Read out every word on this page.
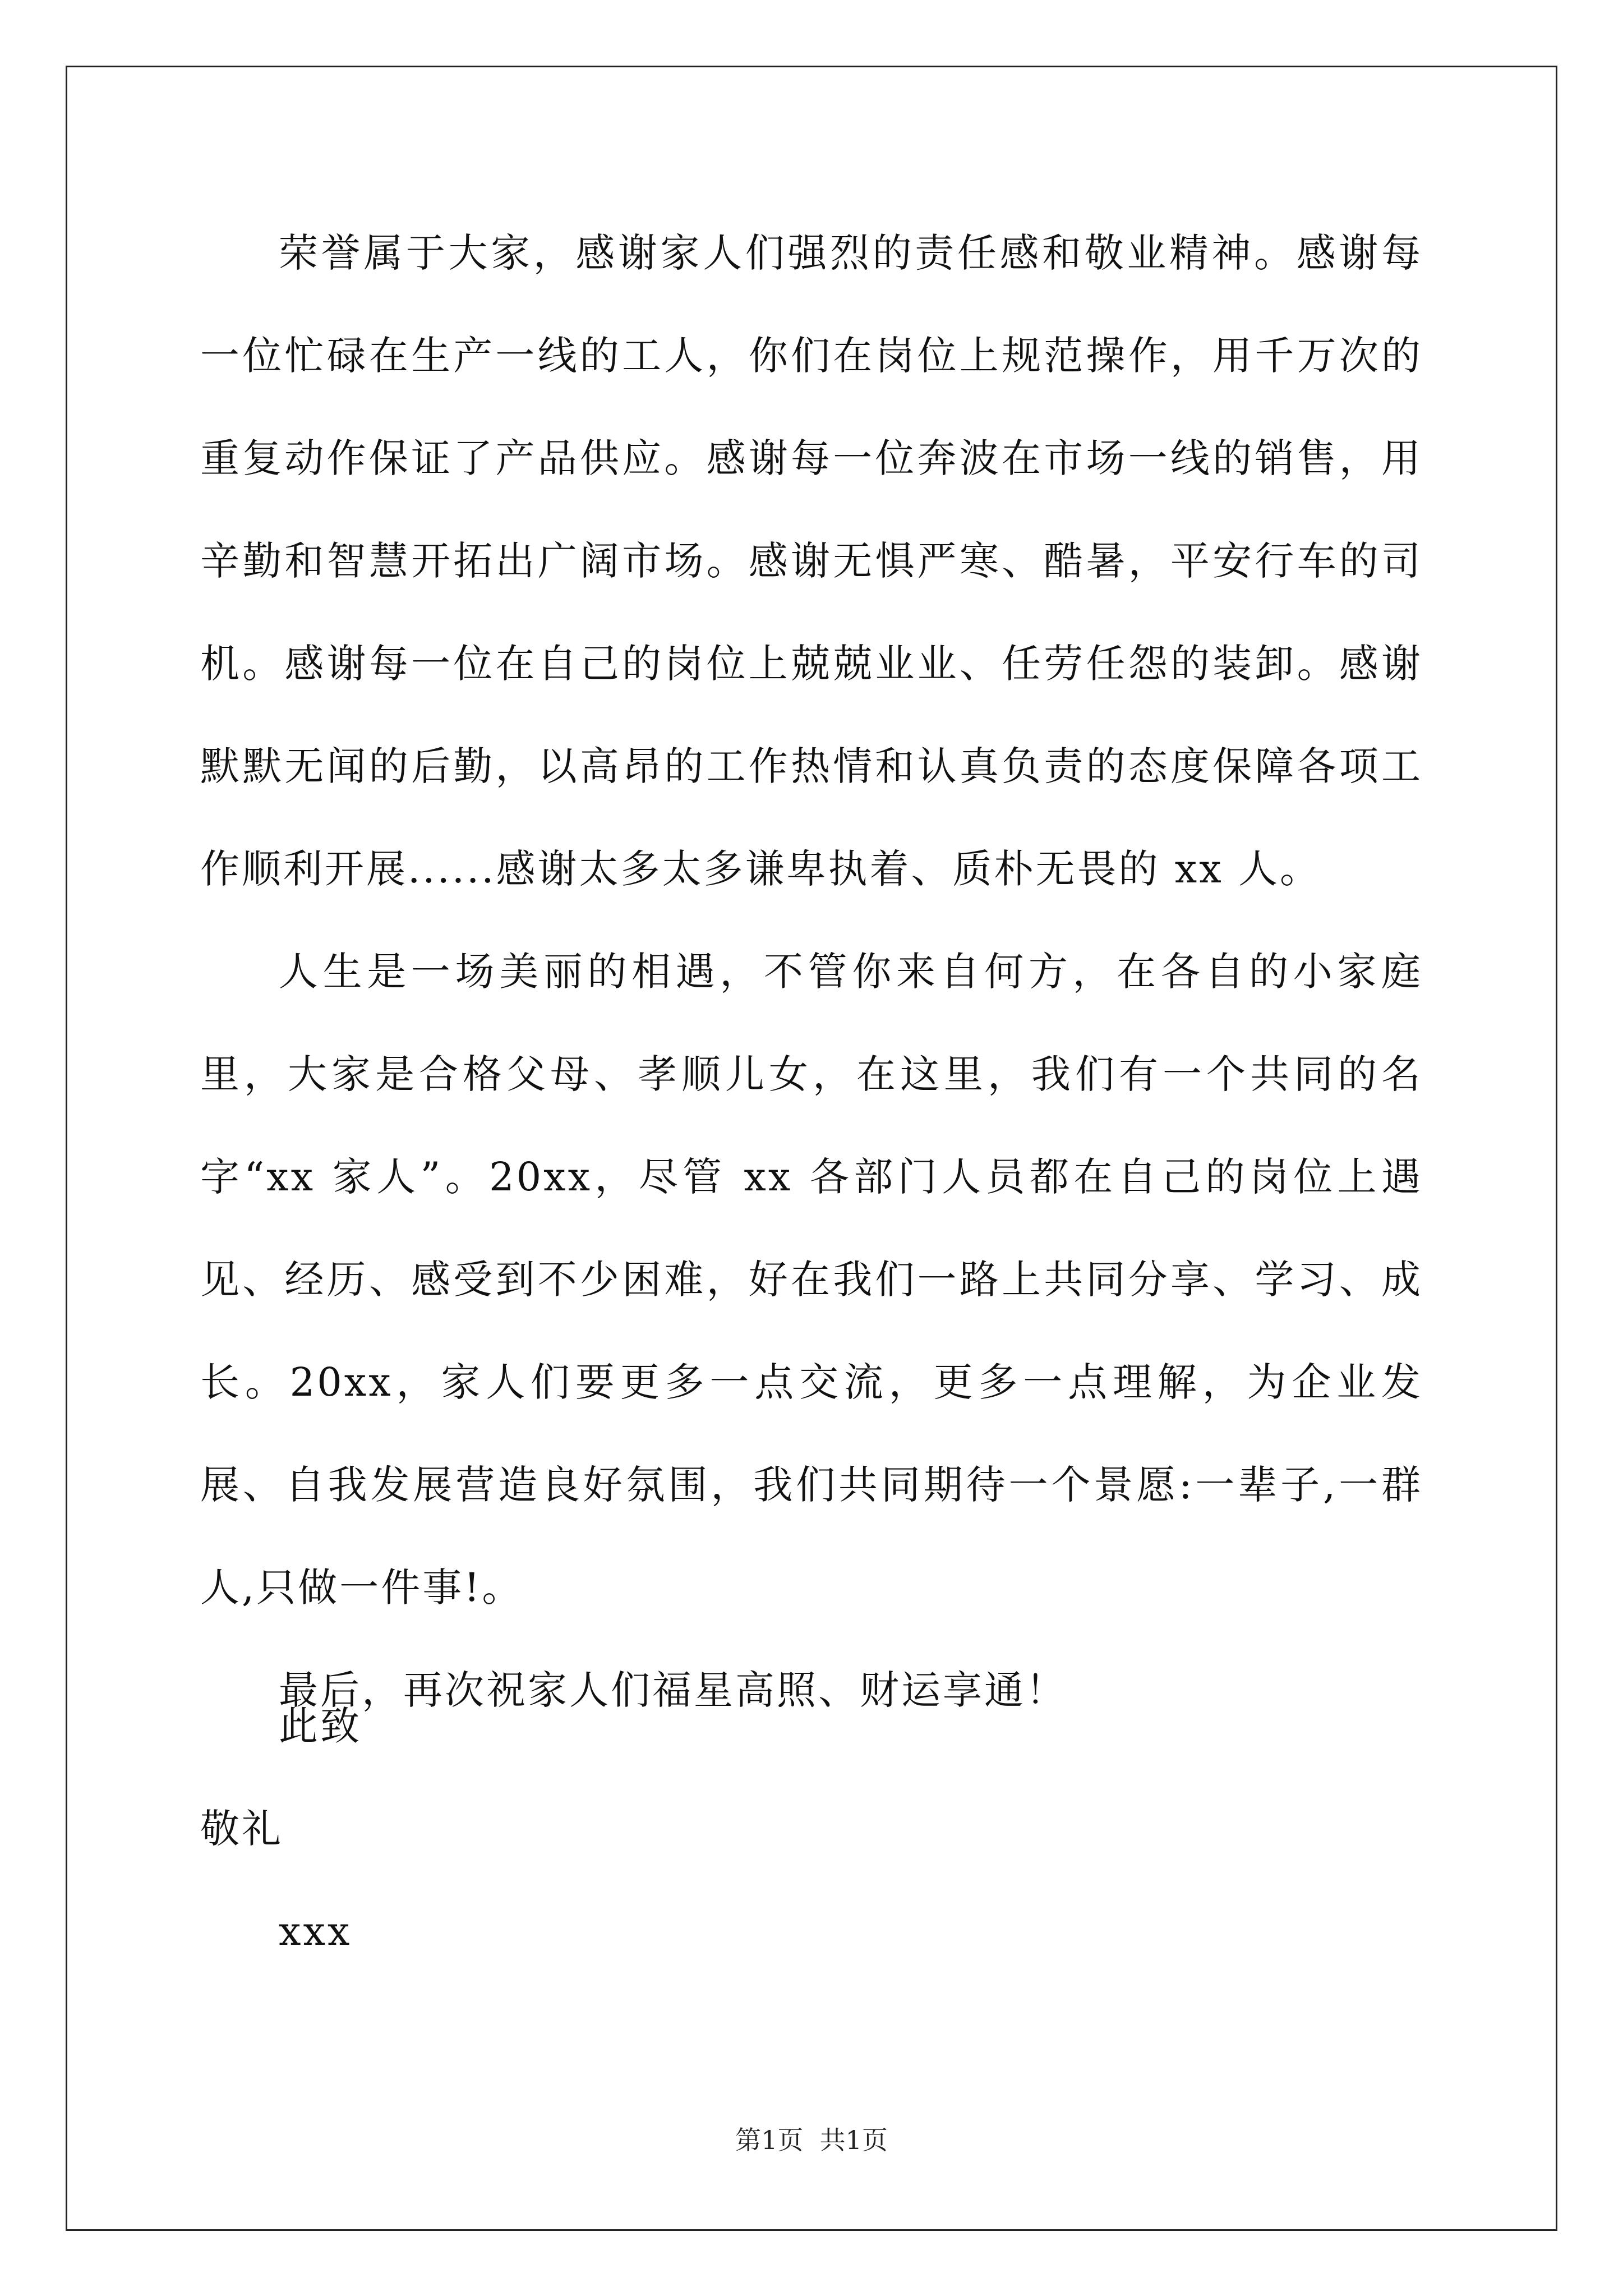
荣誉属于大家，感谢家人们强烈的责任感和敬业精神。感谢每一位忙碌在生产一线的工人，你们在岗位上规范操作，用千万次的重复动作保证了产品供应。感谢每一位奔波在市场一线的销售，用辛勤和智慧开拓出广阔市场。感谢无惧严寒、酷暑，平安行车的司机。感谢每一位在自己的岗位上兢兢业业、任劳任怨的装卸。感谢默默无闻的后勤，以高昂的工作热情和认真负责的态度保障各项工作顺利开展......感谢太多太多谦卑执着、质朴无畏的 xx 人。

人生是一场美丽的相遇，不管你来自何方，在各自的小家庭里，大家是合格父母、孝顺儿女，在这里，我们有一个共同的名字“xx 家人”。20xx，尽管 xx 各部门人员都在自己的岗位上遇见、经历、感受到不少困难，好在我们一路上共同分享、学习、成长。20xx，家人们要更多一点交流，更多一点理解，为企业发展、自我发展营造良好氛围，我们共同期待一个景愿:一辈子,一群人,只做一件事!。

最后，再次祝家人们福星高照、财运享通！

此致
敬礼
xxx
第1页  共1页
